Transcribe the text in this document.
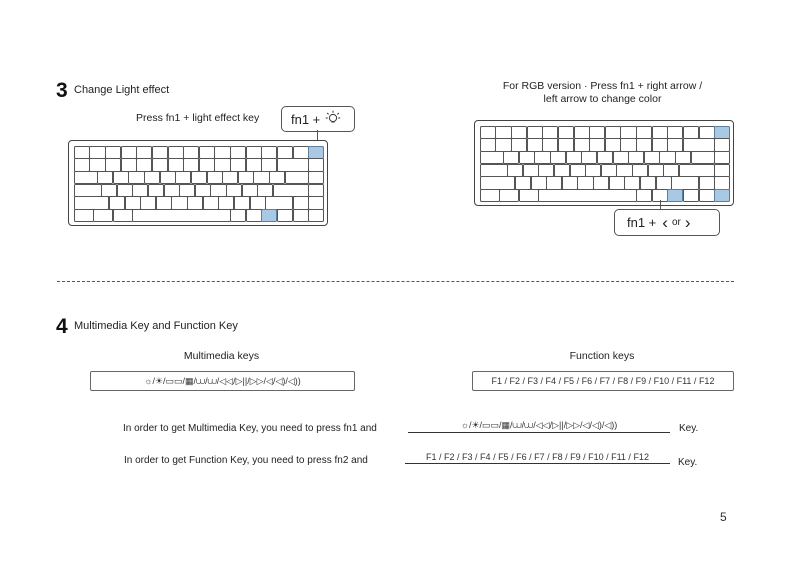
3 Change Light effect
Press fn1 + light effect key fn1 +
For RGB version · Press fn1 + right arrow /
left arrow to change color
fn1 + ‹ or ›
4 Multimedia Key and Function Key
Multimedia keys
☼/☀/▭▭/▦/⩊/⩊/◁◁/▷||/▷▷/◁/◁)/◁))
Function keys
F1 / F2 / F3 / F4 / F5 / F6 / F7 / F8 / F9 / F10 / F11 / F12
In order to get Multimedia Key, you need to press fn1 and	☼/☀/▭▭/▦/⩊/⩊/◁◁/▷||/▷▷/◁/◁)/◁))	Key.
In order to get Function Key, you need to press fn2 and	F1 / F2 / F3 / F4 / F5 / F6 / F7 / F8 / F9 / F10 / F11 / F12	Key.
5
